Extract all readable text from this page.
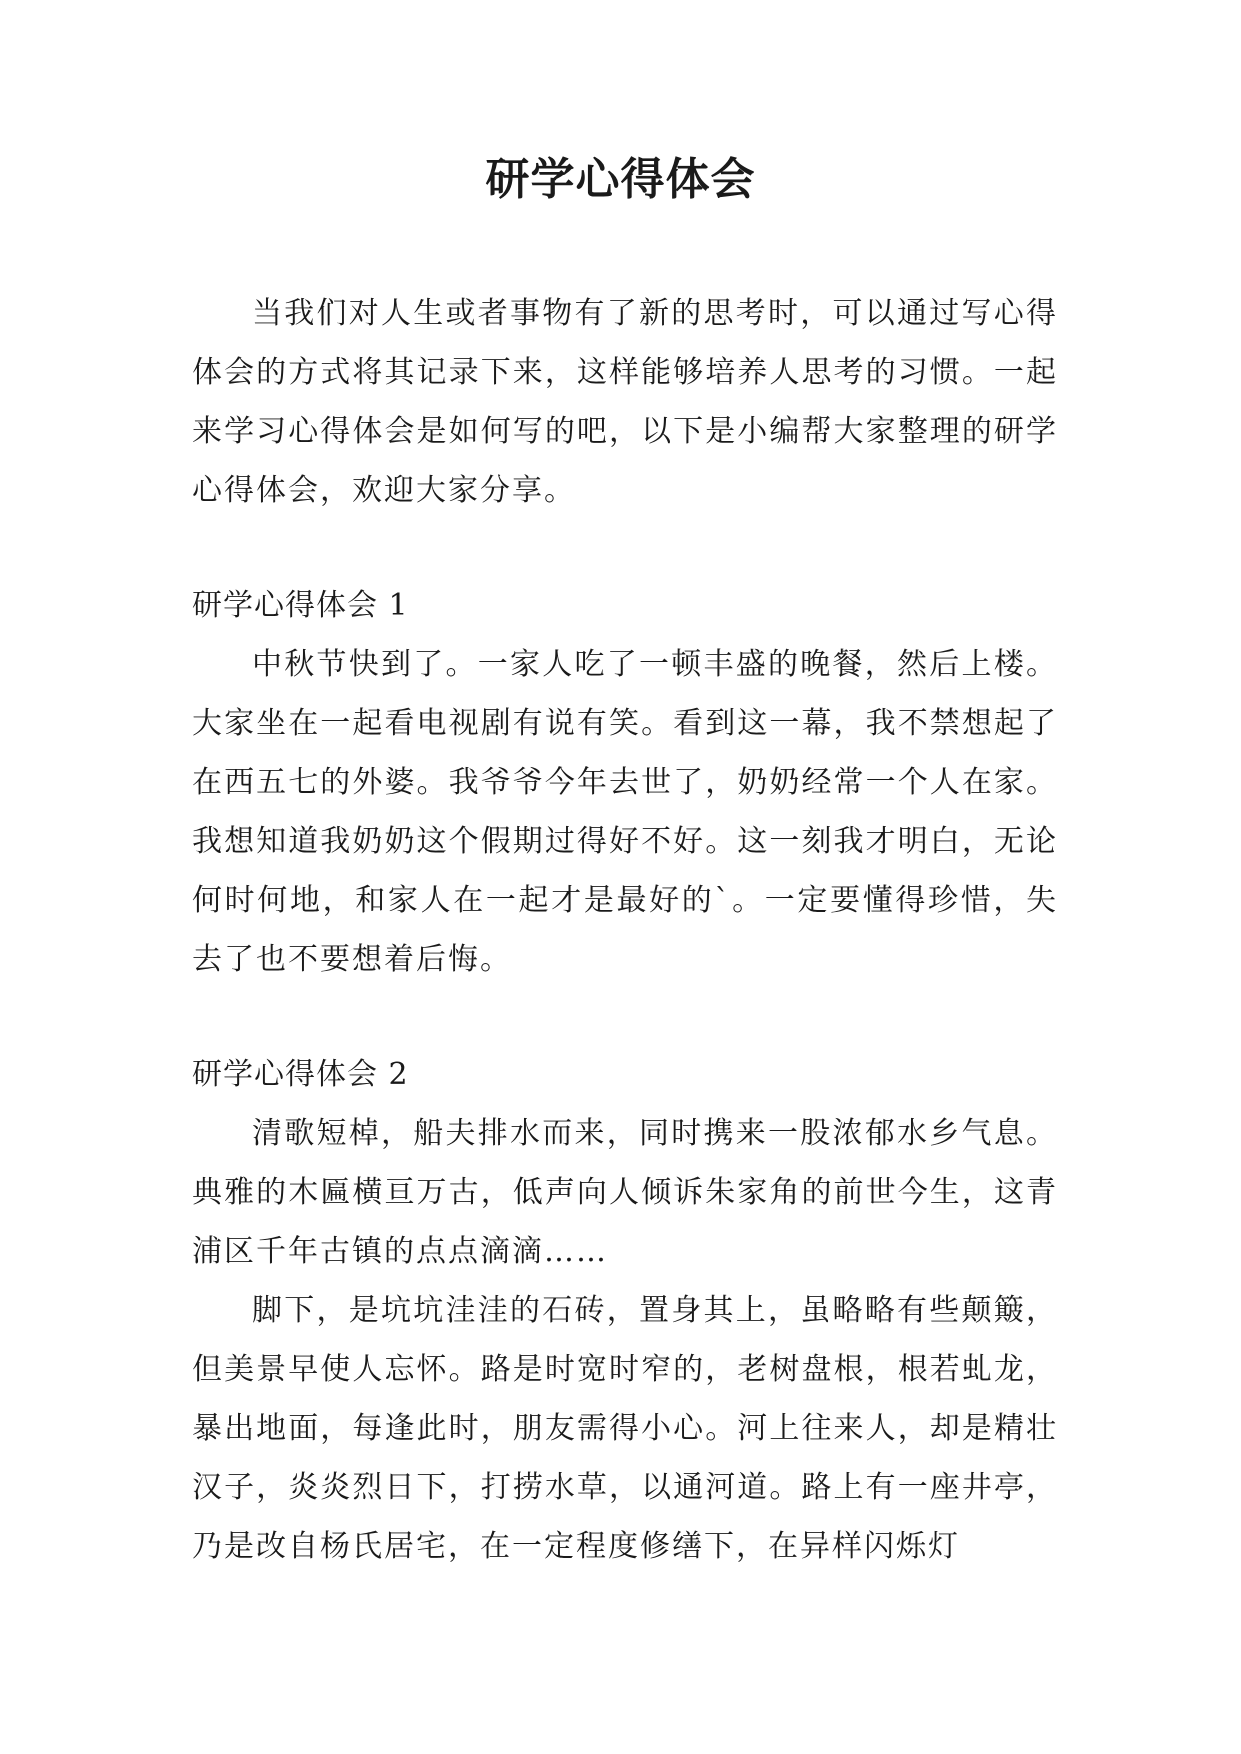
研学心得体会

当我们对人生或者事物有了新的思考时，可以通过写心得体会的方式将其记录下来，这样能够培养人思考的习惯。一起来学习心得体会是如何写的吧，以下是小编帮大家整理的研学心得体会，欢迎大家分享。

研学心得体会 1

中秋节快到了。一家人吃了一顿丰盛的晚餐，然后上楼。大家坐在一起看电视剧有说有笑。看到这一幕，我不禁想起了在西五七的外婆。我爷爷今年去世了，奶奶经常一个人在家。我想知道我奶奶这个假期过得好不好。这一刻我才明白，无论何时何地，和家人在一起才是最好的`。一定要懂得珍惜，失去了也不要想着后悔。

研学心得体会 2

清歌短棹，船夫排水而来，同时携来一股浓郁水乡气息。典雅的木匾横亘万古，低声向人倾诉朱家角的前世今生，这青浦区千年古镇的点点滴滴……

脚下，是坑坑洼洼的石砖，置身其上，虽略略有些颠簸，但美景早使人忘怀。路是时宽时窄的，老树盘根，根若虬龙，暴出地面，每逢此时，朋友需得小心。河上往来人，却是精壮汉子，炎炎烈日下，打捞水草，以通河道。路上有一座井亭，乃是改自杨氏居宅，在一定程度修缮下，在异样闪烁灯
